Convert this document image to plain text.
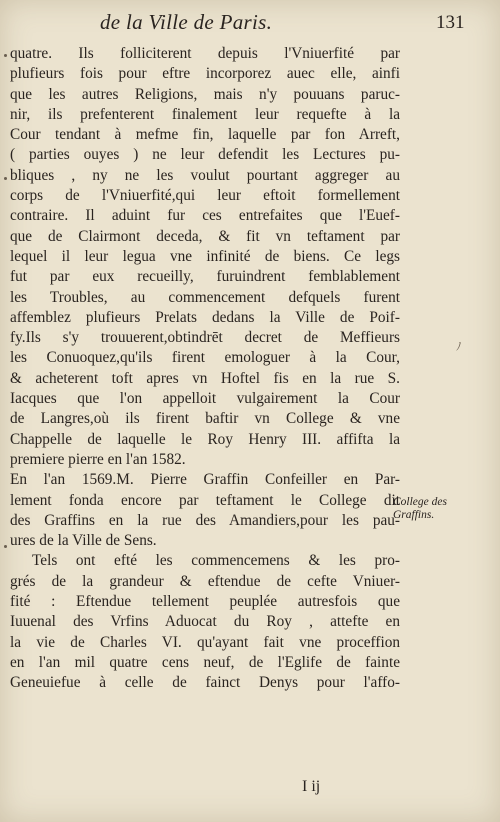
de la Ville de Paris.	131
quatre. Ils folliciterent depuis l'Vniuerfité par
plufieurs fois pour eftre incorporez auec elle, ainfi
que les autres Religions, mais n'y pouuans paruc-
nir, ils prefenterent finalement leur requefte à la
Cour tendant à mefme fin, laquelle par fon Arreft,
( parties ouyes ) ne leur defendit les Lectures pu-
bliques , ny ne les voulut pourtant aggreger au
corps de l'Vniuerfité,qui leur eftoit formellement
contraire. Il aduint fur ces entrefaites que l'Euef-
que de Clairmont deceda, & fit vn teftament par
lequel il leur legua vne infinité de biens. Ce legs
fut par eux recueilly, furuindrent femblablement
les Troubles, au commencement defquels furent
affemblez plufieurs Prelats dedans la Ville de Poif-
fy.Ils s'y trouuerent,obtindrēt decret de Meffieurs
les Conuoquez,qu'ils firent emologuer à la Cour,
& acheterent toft apres vn Hoftel fis en la rue S.
Iacques que l'on appelloit vulgairement la Cour
de Langres,où ils firent baftir vn College & vne
Chappelle de laquelle le Roy Henry III. affifta la
premiere pierre en l'an 1582.
En l'an 1569.M. Pierre Graffin Confeiller en Par-
lement fonda encore par teftament le College dit
des Graffins en la rue des Amandiers,pour les pau-
ures de la Ville de Sens.
Tels ont efté les commencemens & les pro-
grés de la grandeur & eftendue de cefte Vniuer-
fité : Eftendue tellement peuplée autresfois que
Iuuenal des Vrfins Aduocat du Roy , attefte en
la vie de Charles VI. qu'ayant fait vne proceffion
en l'an mil quatre cens neuf, de l'Eglife de fainte
Geneuiefue à celle de fainct Denys pour l'affo-
College des
Graffins.
I ij
ﾉ
